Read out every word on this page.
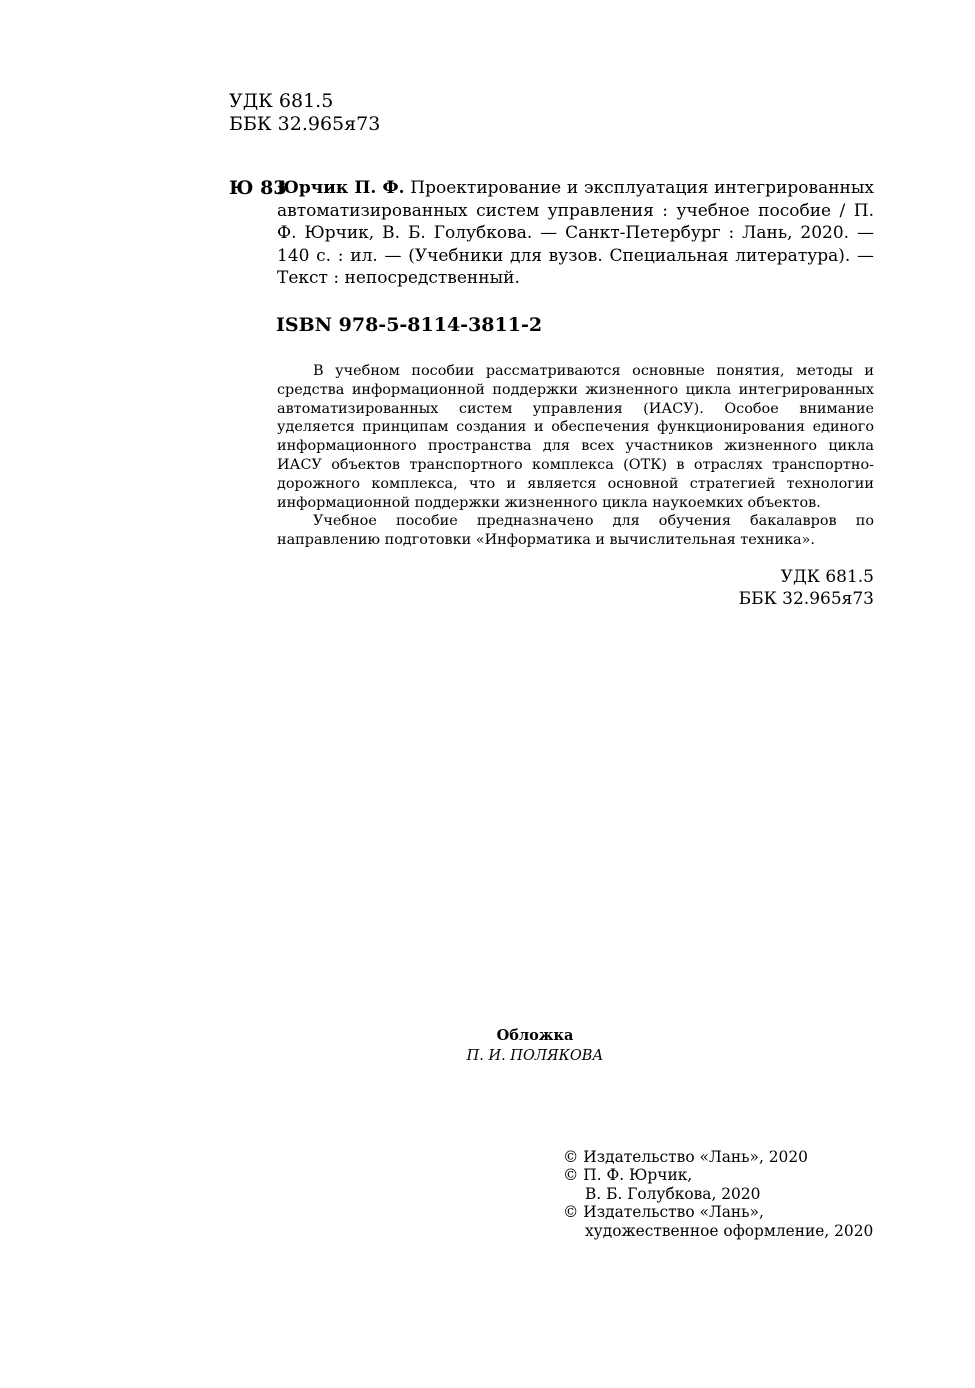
УДК 681.5
ББК 32.965я73
Ю 83
Юрчик П. Ф. Проектирование и эксплуатация интегрированных автоматизированных систем управления : учебное пособие / П. Ф. Юрчик, В. Б. Голубкова. — Санкт-Петербург : Лань, 2020. — 140 с. : ил. — (Учебники для вузов. Специальная литература). — Текст : непосредственный.
ISBN 978-5-8114-3811-2

В учебном пособии рассматриваются основные понятия, методы и средства информационной поддержки жизненного цикла интегрированных автоматизированных систем управления (ИАСУ). Особое внимание уделяется принципам создания и обеспечения функционирования единого информационного пространства для всех участников жизненного цикла ИАСУ объектов транспортного комплекса (ОТК) в отраслях транспортно-дорожного комплекса, что и является основной стратегией технологии информационной поддержки жизненного цикла наукоемких объектов.

Учебное пособие предназначено для обучения бакалавров по направлению подготовки «Информатика и вычислительная техника».

УДК 681.5
ББК 32.965я73
Обложка
П. И. ПОЛЯКОВА
© Издательство «Лань», 2020
© П. Ф. Юрчик,
В. Б. Голубкова, 2020
© Издательство «Лань»,
художественное оформление, 2020
